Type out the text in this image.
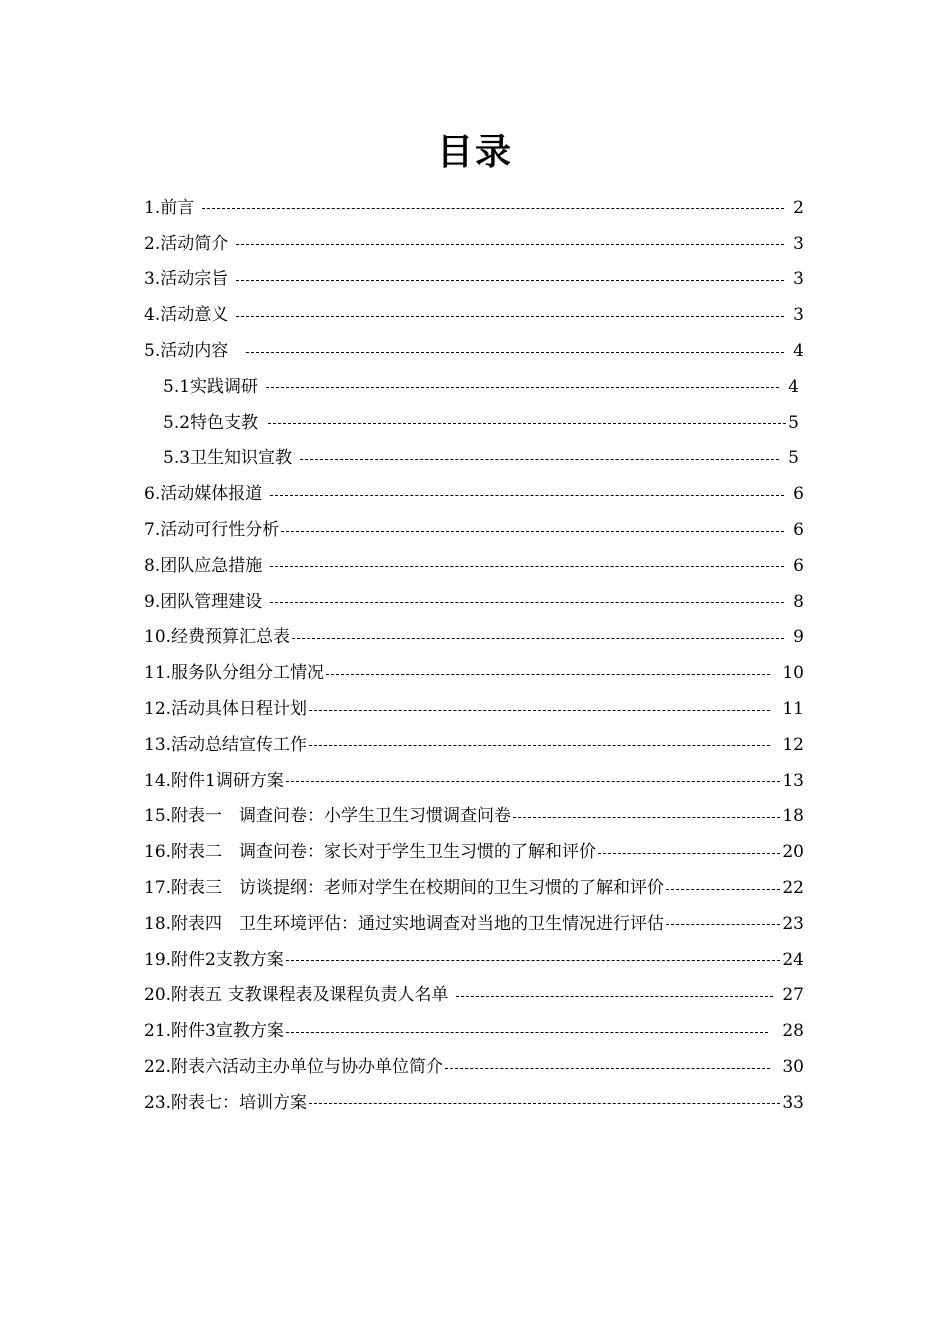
目录
1.前言	2
2.活动简介	3
3.活动宗旨	3
4.活动意义	3
5.活动内容	4
5.1实践调研	4
5.2特色支教	5
5.3卫生知识宣教	5
6.活动媒体报道	6
7.活动可行性分析	6
8.团队应急措施	6
9.团队管理建设	8
10.经费预算汇总表	9
11.服务队分组分工情况	10
12.活动具体日程计划	11
13.活动总结宣传工作	12
14.附件1调研方案	13
15.附表一　调查问卷：小学生卫生习惯调查问卷	18
16.附表二　调查问卷：家长对于学生卫生习惯的了解和评价	20
17.附表三　访谈提纲：老师对学生在校期间的卫生习惯的了解和评价	22
18.附表四　卫生环境评估：通过实地调查对当地的卫生情况进行评估	23
19.附件2支教方案	24
20.附表五 支教课程表及课程负责人名单	27
21.附件3宣教方案	28
22.附表六活动主办单位与协办单位简介	30
23.附表七：培训方案	33
